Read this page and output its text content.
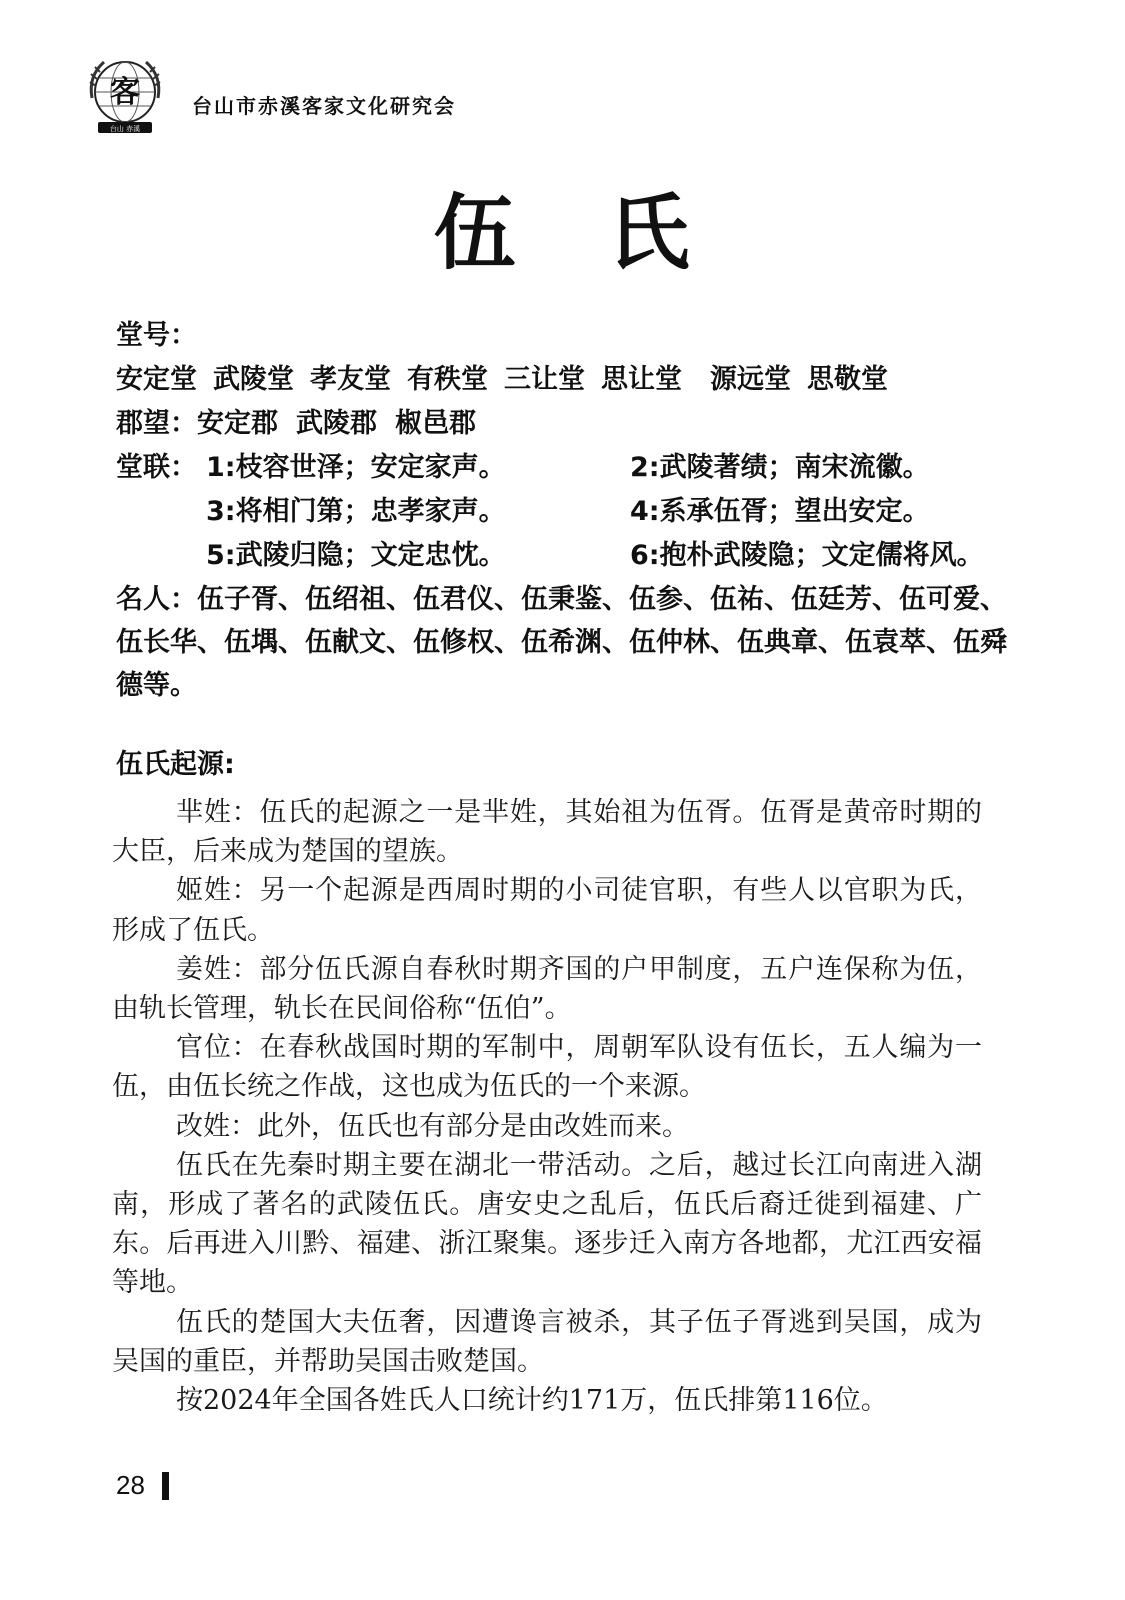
客
台山 赤溪
台山市赤溪客家文化研究会
伍 氏
堂号：
安定堂 武陵堂 孝友堂 有秩堂 三让堂 思让堂 源远堂 思敬堂
郡望：安定郡 武陵郡 椒邑郡
堂联： 1:枝容世泽；安定家声。	2:武陵著绩；南宋流徽。
3:将相门第；忠孝家声。	4:系承伍胥；望出安定。
5:武陵归隐；文定忠忱。	6:抱朴武陵隐；文定儒将风。
名人：伍子胥、伍绍祖、伍君仪、伍秉鉴、伍参、伍祐、伍廷芳、伍可爱、伍长华、伍堣、伍献文、伍修权、伍希渊、伍仲林、伍典章、伍袁萃、伍舜德等。
伍氏起源:

芈姓：伍氏的起源之一是芈姓，其始祖为伍胥。伍胥是黄帝时期的大臣，后来成为楚国的望族。

姬姓：另一个起源是西周时期的小司徒官职，有些人以官职为氏，形成了伍氏。

姜姓：部分伍氏源自春秋时期齐国的户甲制度，五户连保称为伍，由轨长管理，轨长在民间俗称“伍伯”。

官位：在春秋战国时期的军制中，周朝军队设有伍长，五人编为一伍，由伍长统之作战，这也成为伍氏的一个来源。

改姓：此外，伍氏也有部分是由改姓而来。

伍氏在先秦时期主要在湖北一带活动。之后，越过长江向南进入湖南，形成了著名的武陵伍氏。唐安史之乱后，伍氏后裔迁徙到福建、广东。后再进入川黔、福建、浙江聚集。逐步迁入南方各地都，尤江西安福等地。

伍氏的楚国大夫伍奢，因遭谗言被杀，其子伍子胥逃到吴国，成为吴国的重臣，并帮助吴国击败楚国。

按2024年全国各姓氏人口统计约171万，伍氏排第116位。

28
